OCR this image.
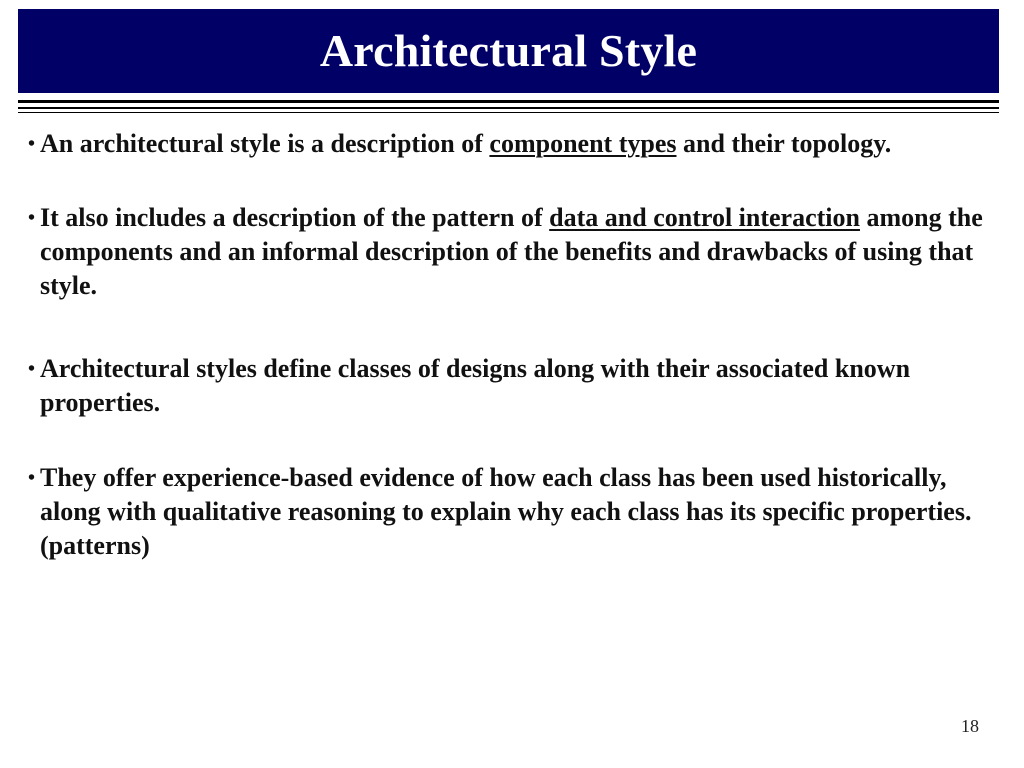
Architectural Style
• An architectural style is a description of component types and their topology.
• It also includes a description of the pattern of data and control interaction among the components and an informal description of the benefits and drawbacks of using that style.
• Architectural styles define classes of designs along with their associated known properties.
• They offer experience-based evidence of how each class has been used historically, along with qualitative reasoning to explain why each class has its specific properties. (patterns)
18
